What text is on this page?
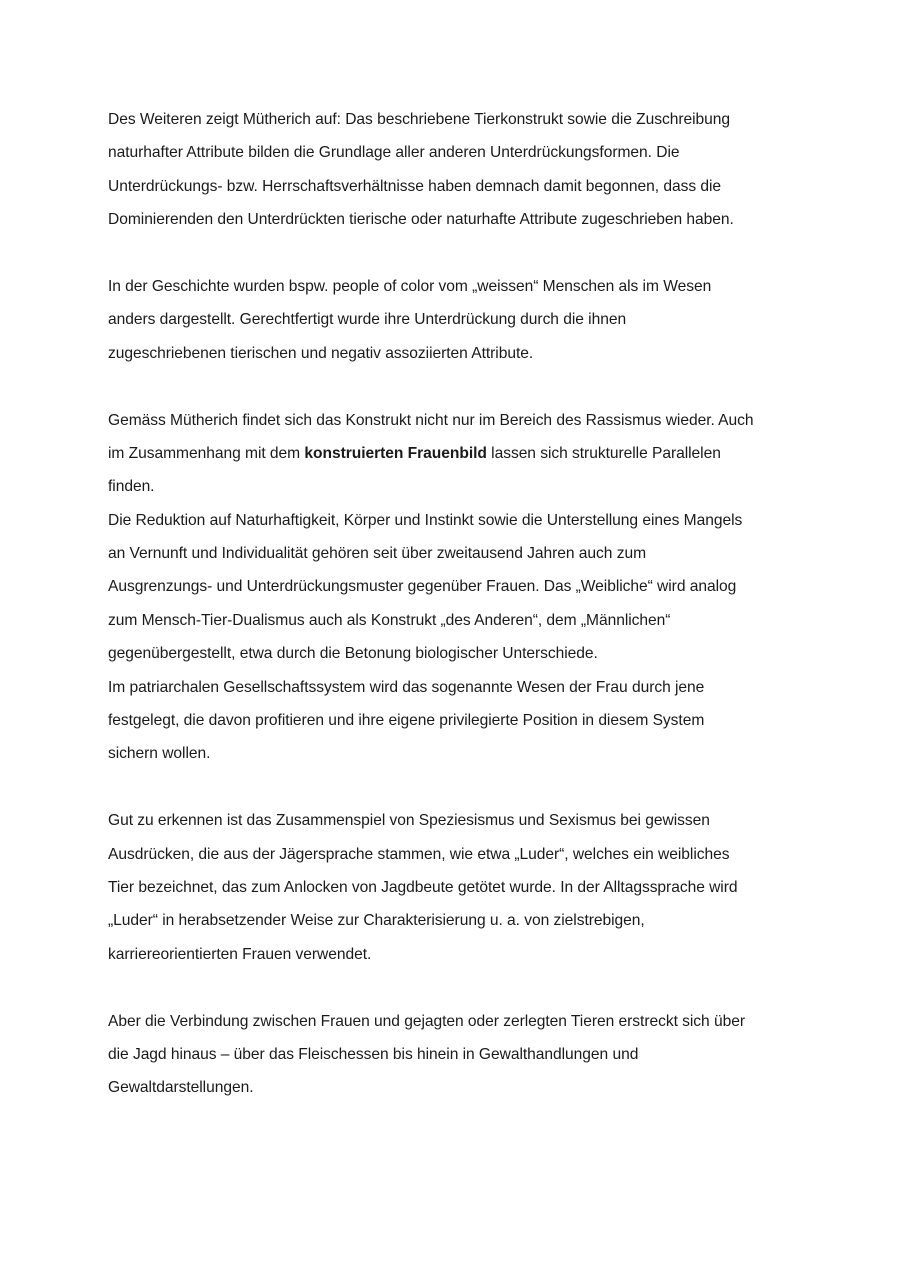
Des Weiteren zeigt Mütherich auf: Das beschriebene Tierkonstrukt sowie die Zuschreibung
naturhafter Attribute bilden die Grundlage aller anderen Unterdrückungsformen. Die
Unterdrückungs- bzw. Herrschaftsverhältnisse haben demnach damit begonnen, dass die
Dominierenden den Unterdrückten tierische oder naturhafte Attribute zugeschrieben haben.
In der Geschichte wurden bspw. people of color vom „weissen“ Menschen als im Wesen
anders dargestellt. Gerechtfertigt wurde ihre Unterdrückung durch die ihnen
zugeschriebenen tierischen und negativ assoziierten Attribute.
Gemäss Mütherich findet sich das Konstrukt nicht nur im Bereich des Rassismus wieder. Auch
im Zusammenhang mit dem konstruierten Frauenbild lassen sich strukturelle Parallelen
finden.
Die Reduktion auf Naturhaftigkeit, Körper und Instinkt sowie die Unterstellung eines Mangels
an Vernunft und Individualität gehören seit über zweitausend Jahren auch zum
Ausgrenzungs- und Unterdrückungsmuster gegenüber Frauen. Das „Weibliche“ wird analog
zum Mensch-Tier-Dualismus auch als Konstrukt „des Anderen“, dem „Männlichen“
gegenübergestellt, etwa durch die Betonung biologischer Unterschiede.
Im patriarchalen Gesellschaftssystem wird das sogenannte Wesen der Frau durch jene
festgelegt, die davon profitieren und ihre eigene privilegierte Position in diesem System
sichern wollen.
Gut zu erkennen ist das Zusammenspiel von Speziesismus und Sexismus bei gewissen
Ausdrücken, die aus der Jägersprache stammen, wie etwa „Luder“, welches ein weibliches
Tier bezeichnet, das zum Anlocken von Jagdbeute getötet wurde. In der Alltagssprache wird
„Luder“ in herabsetzender Weise zur Charakterisierung u. a. von zielstrebigen,
karriereorientierten Frauen verwendet.
Aber die Verbindung zwischen Frauen und gejagten oder zerlegten Tieren erstreckt sich über
die Jagd hinaus – über das Fleischessen bis hinein in Gewalthandlungen und
Gewaltdarstellungen.
